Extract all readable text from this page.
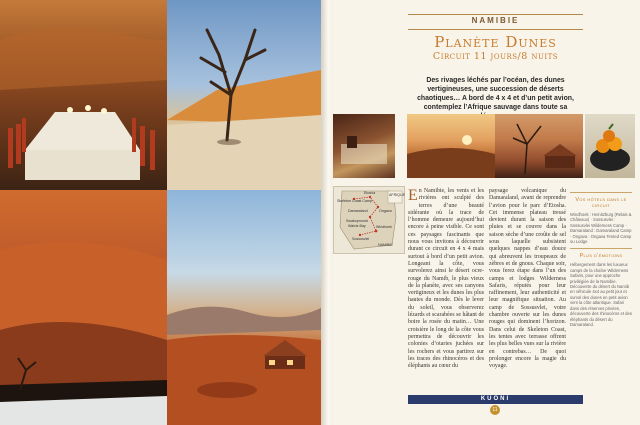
NAMIBIE
Planète Dunes
Circuit 11 jours/8 nuits
Des rivages léchés par l’océan, des dunes vertigineuses, une succession de déserts chaotiques… A bord de 4 x 4 et d’un petit avion, contemplez l’Afrique sauvage dans toute sa
Skeleton Coast Camp
Etosha
Damaraland	Ongava
Swakopmund
Walvis Bay	Windhoek
Sossusvlei
AFRIQUE
NAMIBIE
En Namibie, les vents et les rivières ont sculpté des terres d’une beauté sidérante où la trace de l’homme demeure aujourd’hui encore à peine visible. Ce sont ces paysages fascinants que nous vous invitons à découvrir durant ce circuit en 4 x 4 mais surtout à bord d’un petit avion. Longeant la côte, vous survolerez ainsi le désert ocre-rouge du Namib, le plus vieux de la planète, avec ses canyons vertigineux et les dunes les plus hautes du monde. Dès le lever du soleil, vous observerez lézards et scarabées se hâtant de boire la rosée du matin… Une croisière le long de la côte vous permettra de découvrir les colonies d’otaries juchées sur les rochers et vous partirez sur les traces des rhinocéros et des éléphants au cœur du
paysage volcanique du Damaraland, avant de reprendre l’avion pour le parc d’Etosha. Cet immense plateau tressé devient durant la saison des pluies et se couvre dans la saison sèche d’une croûte de sel sous laquelle subsistent quelques nappes d’eau douce qui abreuvent les troupeaux de zèbres et de gnous. Chaque soir, vous ferez étape dans l’un des camps et lodges Wilderness Safaris, réputés pour leur raffinement, leur authenticité et leur magnifique situation. Au camp de Sossusvlei, votre chambre ouverte sur les dunes rouges qui dominent l’horizon. Dans celui de Skeleton Coast, les tentes avec terrasse offrent les plus belles vues sur la rivière en contrebas… De quoi prolonger encore la magie du voyage.
Vos hôtels dans le circuit
Windhoek : Heinitzburg (Relais & Châteaux) · Sossusvlei : Sossusvlei Wilderness Camp · Damaraland : Damaraland Camp · Ongava : Ongava Tented Camp ou Lodge
Plus d’émotions
Hébergement dans les luxueux camps de la chaîne Wilderness Safaris, pour une approche privilégiée de la Namibie. Découverte du désert du Namib en véhicule 4x4 au petit jour et survol des dunes en petit avion vers la côte atlantique. Safari dans des réserves privées, découverte des rhinocéros et des éléphants du désert du Damaraland.
KUONI
11
